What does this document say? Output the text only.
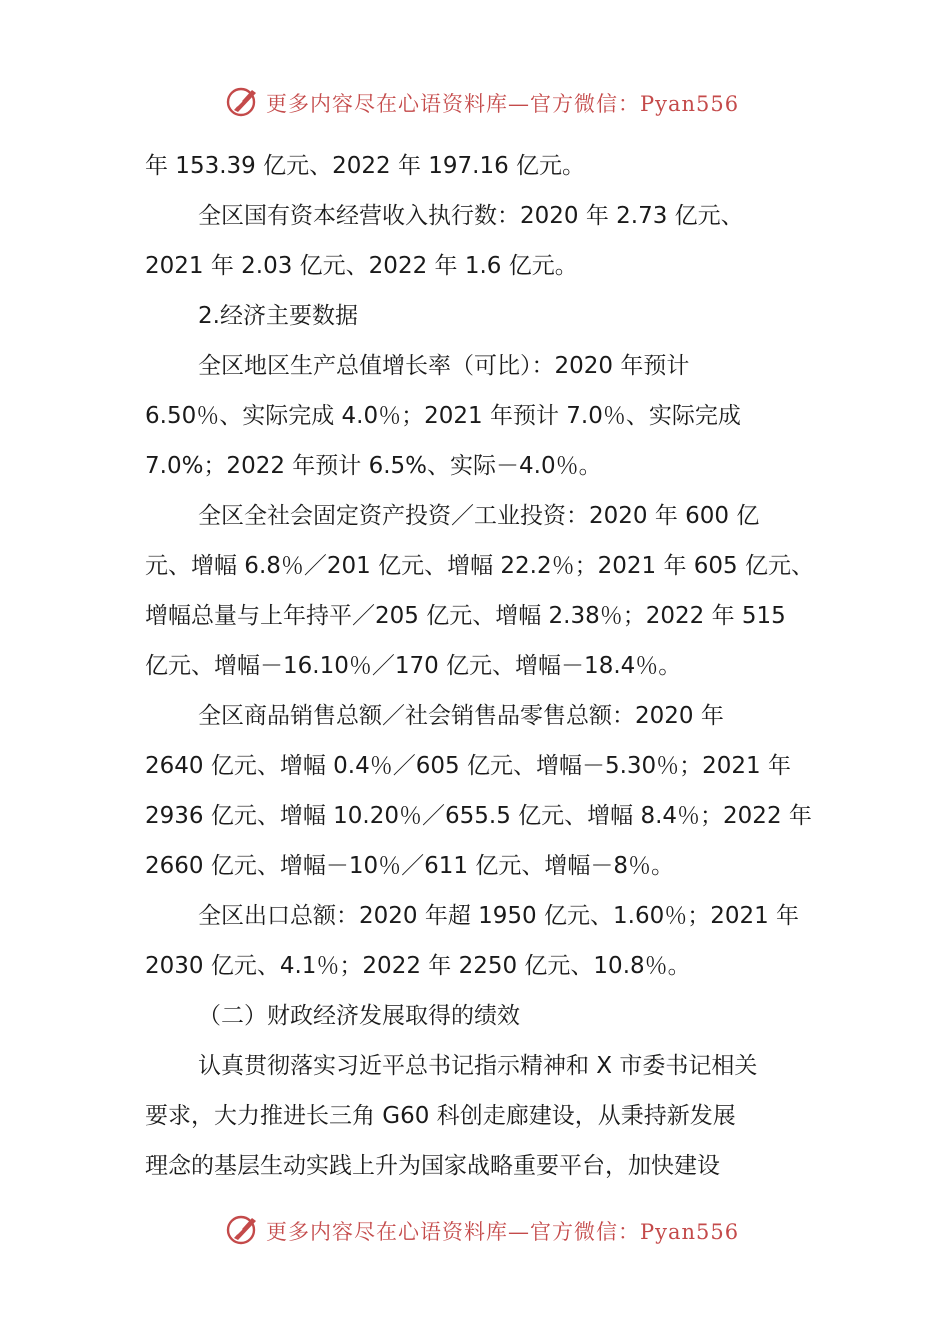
更多内容尽在心语资料库—官方微信：Pyan556
年 153.39 亿元、2022 年 197.16 亿元。
全区国有资本经营收入执行数：2020 年 2.73 亿元、
2021 年 2.03 亿元、2022 年 1.6 亿元。
2.经济主要数据
全区地区生产总值增长率（可比）：2020 年预计
6.50％、实际完成 4.0％；2021 年预计 7.0％、实际完成
7.0%；2022 年预计 6.5%、实际－4.0％。
全区全社会固定资产投资／工业投资：2020 年 600 亿
元、增幅 6.8％／201 亿元、增幅 22.2％；2021 年 605 亿元、
增幅总量与上年持平／205 亿元、增幅 2.38％；2022 年 515
亿元、增幅－16.10％／170 亿元、增幅－18.4％。
全区商品销售总额／社会销售品零售总额：2020 年
2640 亿元、增幅 0.4％／605 亿元、增幅－5.30％；2021 年
2936 亿元、增幅 10.20％／655.5 亿元、增幅 8.4％；2022 年
2660 亿元、增幅－10％／611 亿元、增幅－8％。
全区出口总额：2020 年超 1950 亿元、1.60％；2021 年
2030 亿元、4.1％；2022 年 2250 亿元、10.8％。
（二）财政经济发展取得的绩效
认真贯彻落实习近平总书记指示精神和 X 市委书记相关
要求，大力推进长三角 G60 科创走廊建设，从秉持新发展
理念的基层生动实践上升为国家战略重要平台，加快建设
更多内容尽在心语资料库—官方微信：Pyan556
